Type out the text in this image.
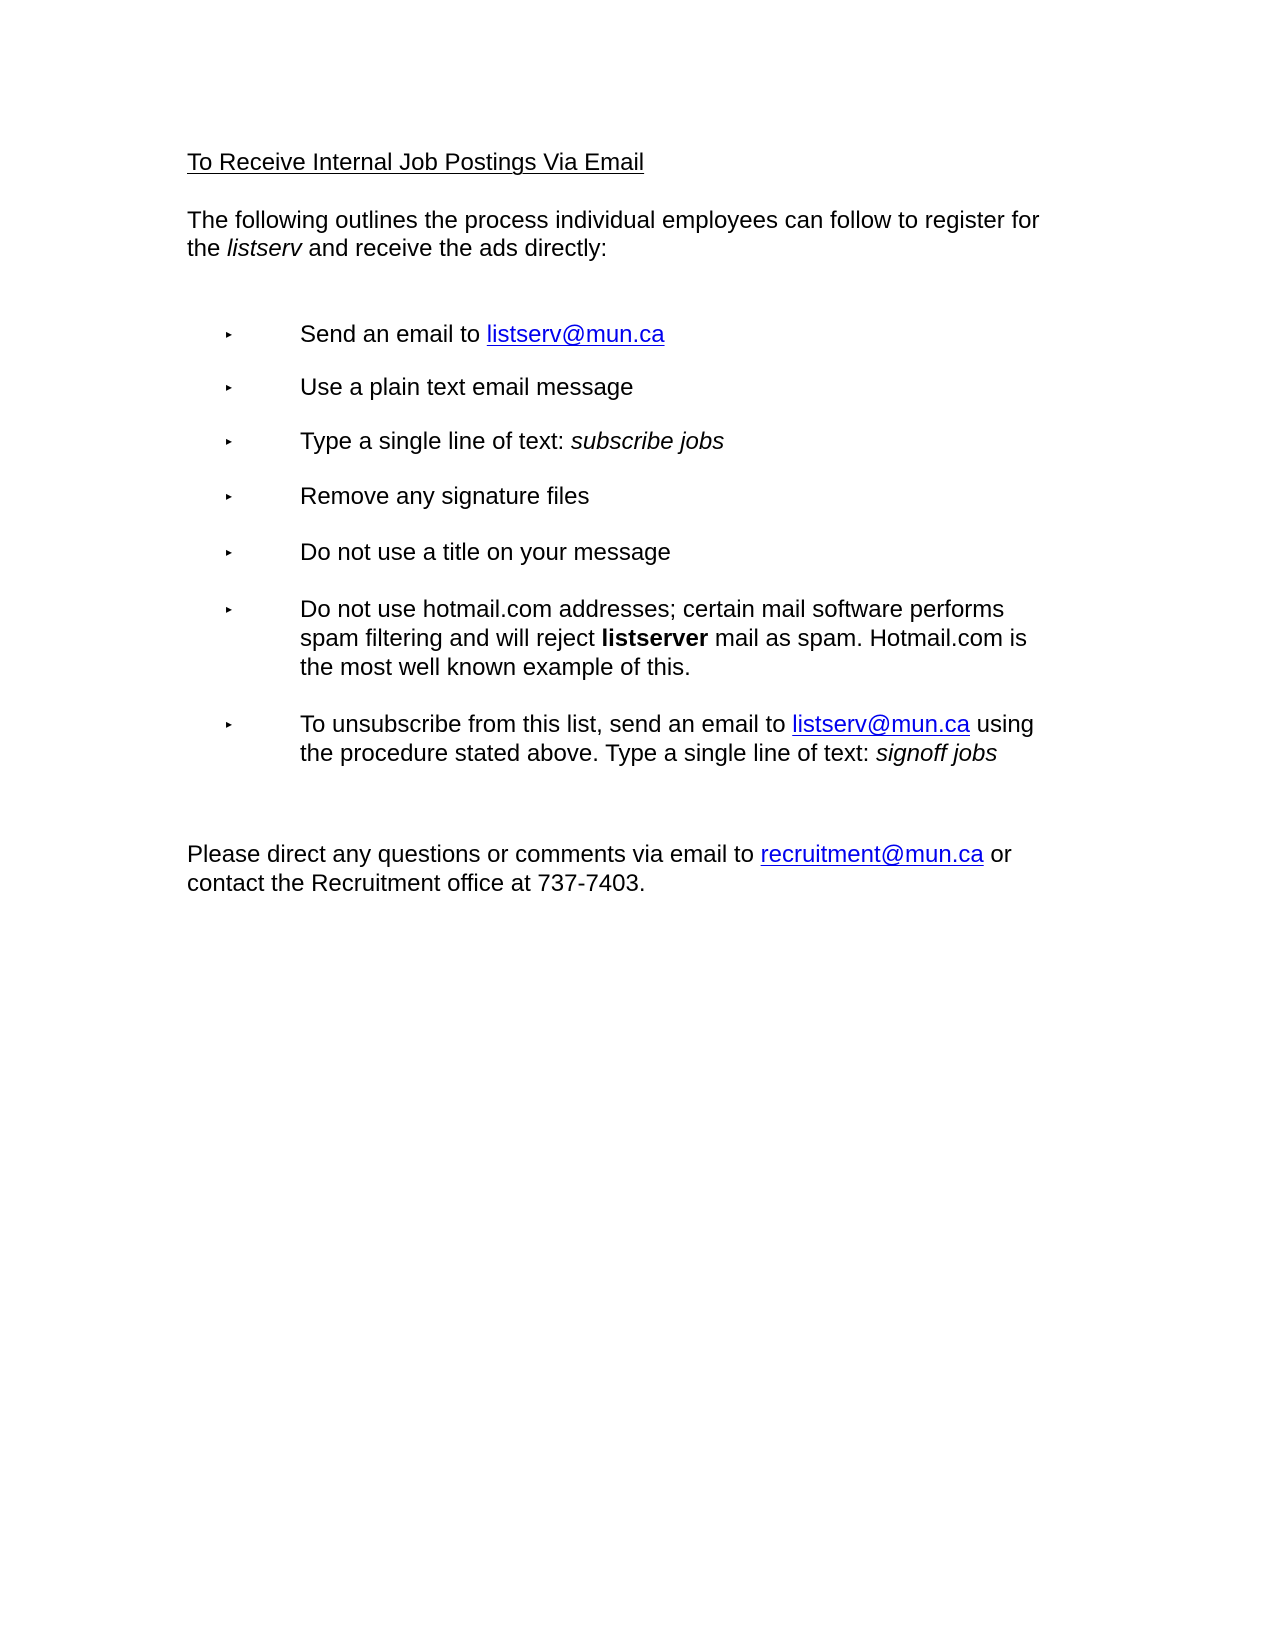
To Receive Internal Job Postings Via Email
The following outlines the process individual employees can follow to register for
the listserv and receive the ads directly:
▸	Send an email to listserv@mun.ca
▸	Use a plain text email message
▸	Type a single line of text: subscribe jobs
▸	Remove any signature files
▸	Do not use a title on your message
▸	Do not use hotmail.com addresses; certain mail software performs
spam filtering and will reject listserver mail as spam. Hotmail.com is
the most well known example of this.
▸	To unsubscribe from this list, send an email to listserv@mun.ca using
the procedure stated above. Type a single line of text: signoff jobs
Please direct any questions or comments via email to recruitment@mun.ca or
contact the Recruitment office at 737-7403.
